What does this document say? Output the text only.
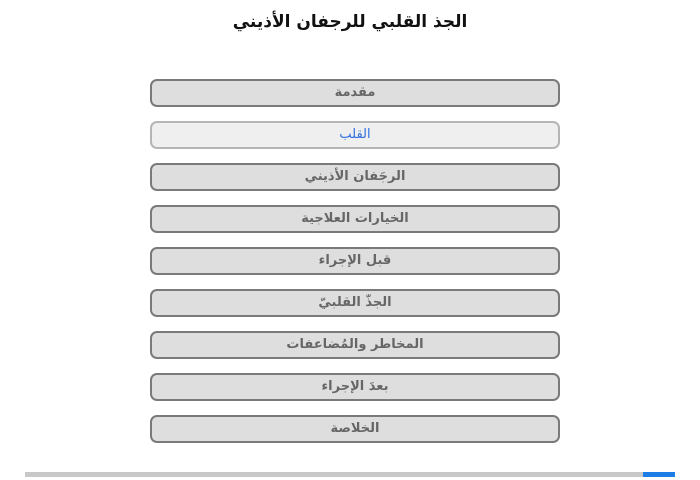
الجذ القلبي للرجفان الأذيني
مقدمة
القلب
الرجَفان الأذيني
الخيارات العلاجية
قبل الإجراء
الجذّ القلبيّ
المخاطر والمُضاعفات
بعدَ الإجراء
الخلاصة
